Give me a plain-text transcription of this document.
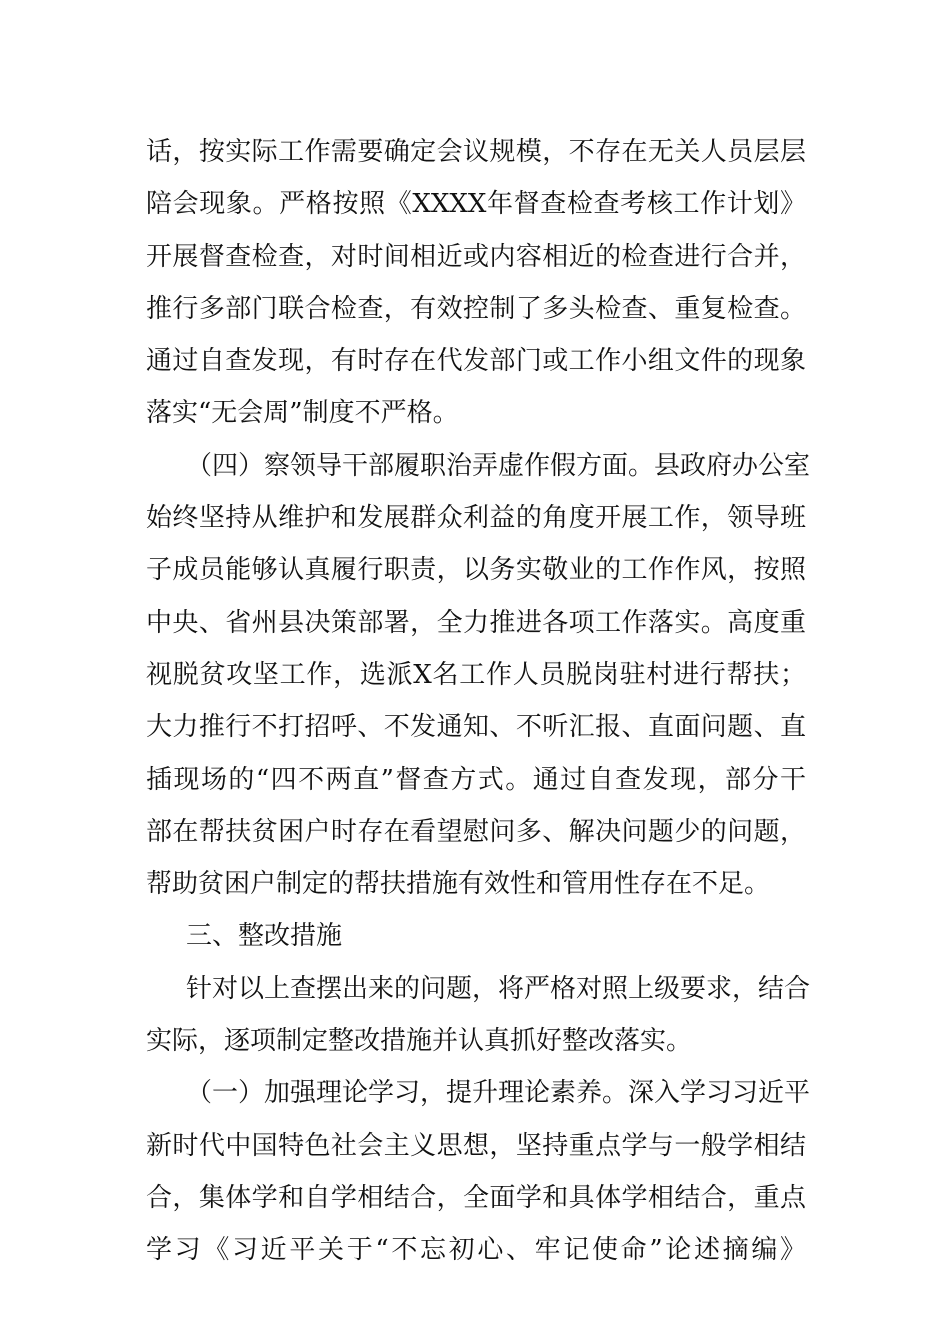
话，按实际工作需要确定会议规模，不存在无关人员层层
陪会现象。严格按照《XXXX年督查检查考核工作计划》
开展督查检查，对时间相近或内容相近的检查进行合并，
推行多部门联合检查，有效控制了多头检查、重复检查。
通过自查发现，有时存在代发部门或工作小组文件的现象
落实“无会周”制度不严格。
（四）察领导干部履职治弄虚作假方面。县政府办公室
始终坚持从维护和发展群众利益的角度开展工作，领导班
子成员能够认真履行职责，以务实敬业的工作作风，按照
中央、省州县决策部署，全力推进各项工作落实。高度重
视脱贫攻坚工作，选派X名工作人员脱岗驻村进行帮扶；
大力推行不打招呼、不发通知、不听汇报、直面问题、直
插现场的“四不两直”督查方式。通过自查发现，部分干
部在帮扶贫困户时存在看望慰问多、解决问题少的问题，
帮助贫困户制定的帮扶措施有效性和管用性存在不足。
三、整改措施
针对以上查摆出来的问题，将严格对照上级要求，结合
实际，逐项制定整改措施并认真抓好整改落实。
（一）加强理论学习，提升理论素养。深入学习习近平
新时代中国特色社会主义思想，坚持重点学与一般学相结
合，集体学和自学相结合，全面学和具体学相结合，重点
学习《习近平关于“不忘初心、牢记使命”论述摘编》
